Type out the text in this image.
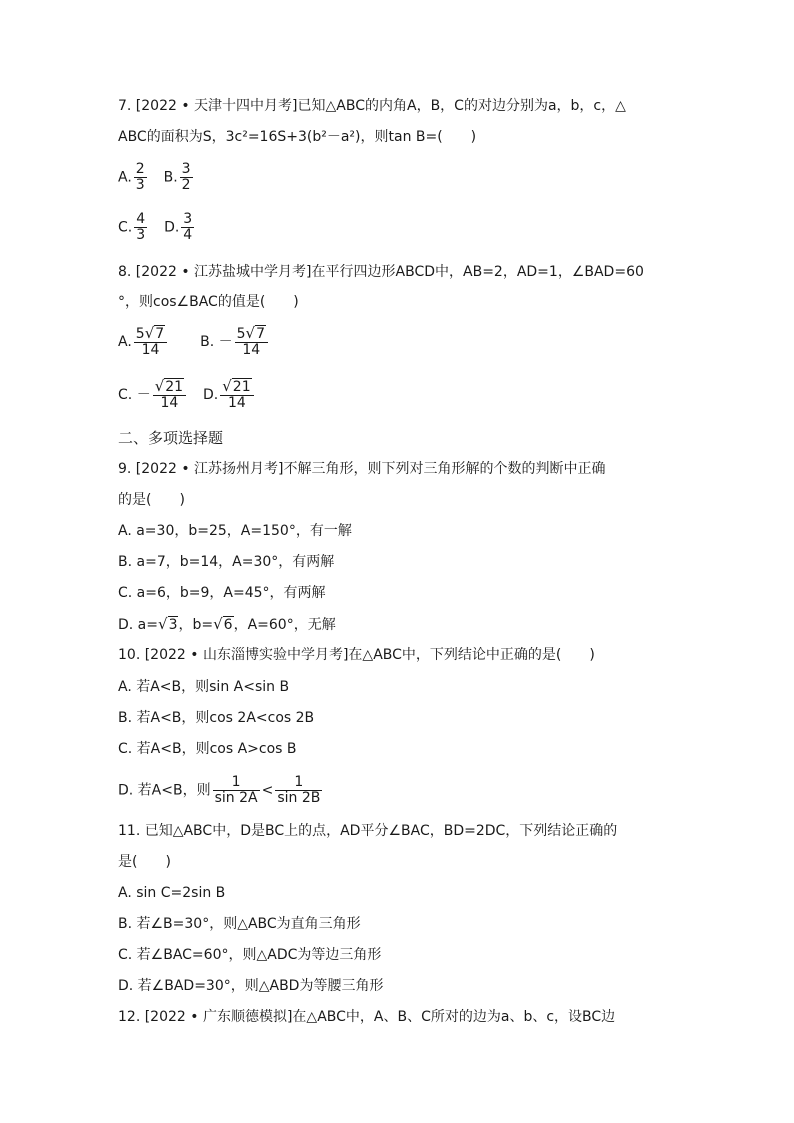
7. [2022 • 天津十四中月考]已知△ABC的内角A，B，C的对边分别为a，b，c，△
ABC的面积为S，3c²=16S+3(b²－a²)，则tan B=(　　)
A. $\frac{2}{3} B$. $\frac{3}{2}$
C. $\frac{4}{3} D$. $\frac{3}{4}$
8. [2022 • 江苏盐城中学月考]在平行四边形ABCD中，AB=2，AD=1，∠BAD=60
°，则cos∠BAC的值是(　　)
A. $\frac{5√7}{14} B$. － $\frac{5√7}{14}$
C. － $\frac{√21}{14} D$. $\frac{√21}{14}$
二、多项选择题
9. [2022 • 江苏扬州月考]不解三角形，则下列对三角形解的个数的判断中正确
的是(　　)
A. a=30，b=25，A=150°，有一解
B. a=7，b=14，A=30°，有两解
C. a=6，b=9，A=45°，有两解
D. a=√3，b=√6，A=60°，无解
10. [2022 • 山东淄博实验中学月考]在△ABC中，下列结论中正确的是(　　)
A. 若A<B，则sin A<sin B
B. 若A<B，则cos 2A<cos 2B
C. 若A<B，则cos A>cos B
D. 若A<B，则 $\frac{1}{\sin 2A} < \frac{1}{\sin 2B}$
11. 已知△ABC中，D是BC上的点，AD平分∠BAC，BD=2DC，下列结论正确的
是(　　)
A. sin C=2sin B
B. 若∠B=30°，则△ABC为直角三角形
C. 若∠BAC=60°，则△ADC为等边三角形
D. 若∠BAD=30°，则△ABD为等腰三角形
12. [2022 • 广东顺德模拟]在△ABC中，A、B、C所对的边为a、b、c，设BC边
